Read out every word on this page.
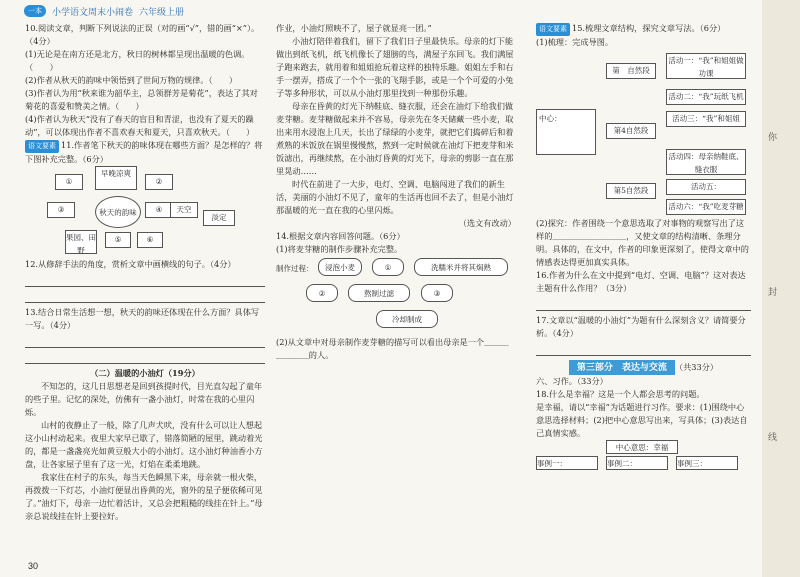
一本	小学语文周末小闹卷 六年级上册

10.阅读文章，判断下列说法的正误（对的画“√”，错的画“×”）。（4分）

(1)无论是在南方还是北方，秋日的树林都呈现出温暖的色调。（　　）

(2)作者从秋天的韵味中领悟到了世间万物的规律。（　　）

(3)作者认为用“秋来谁为韶华主，总领群芳是菊花”，表达了其对菊花的喜爱和赞美之情。（　　）

(4)作者认为秋天“没有了春天的盲目和青涩，也没有了夏天的躁动”，可以体现出作者不喜欢春天和夏天，只喜欢秋天。（　　）

语文要素 11.作者笔下秋天的韵味体现在哪些方面？是怎样的？将下图补充完整。（6分）

秋天的韵味
早晚凉爽
①	②
③	④	天空
果园、田野
⑤	⑥
淡定

12.从修辞手法的角度，赏析文章中画横线的句子。（4分）

13.结合日常生活想一想，秋天的韵味还体现在什么方面？具体写一写。（4分）

（二）温暖的小油灯（19分）

不知怎的，这几日思想老是回到孩提时代，目光直勾起了童年的些子里。记忆的深处，仿佛有一盏小油灯，时常在我的心里闪烁。

山村的夜静止了一般，除了几声犬吠，没有什么可以让人想起这小山村动起来。夜里大家早已歇了，错落简陋的屋里，跳动着光的，都是一盏盏亮光如黄豆般大小的小油灯。这小油灯种油香小方盘，让各家屋子里有了这一光，灯焰在柔柔地跳。

我家住在村子的东头，每当天色瞬黑下来，母亲就一根火柴，再拨拨一下灯芯，小油灯便显出昏黄的光，窗外的星子便依稀可见了。”油灯下，母亲一边忙着活计，又总会把粗糙的线挂在针上。”母亲总说线挂在针上要拉好。

作业，小油灯照映不了，屋子就显亮一团。”

小油灯陪伴着我们，留下了我们日子里最快乐。母亲的灯下能做出到纸飞机，纸飞机像长了翅膀的鸟，满屋子东回飞。我们满屋子跑来跑去，就用着和姐姐抢玩着这样的独特乐趣。姐姐左手和右手一摆弄，搭成了一个个一张的飞翔手影，或是一个个可爱的小兔子等多种形状，可以从小油灯那里找到一种那份乐趣。

母亲在昏黄的灯光下纳鞋底、缝衣服，还会在油灯下给我们做麦芽糖。麦芽糖做起来并不容易，母亲先在冬天储藏一些小麦，取出来用水浸泡上几天，长出了绿绿的小麦芽，就把它们捣碎后和着煮熟的米饭放在锅里慢慢熬，熬到一定时候就在油灯下把麦芽和米饭滤出，再继续熬，在小油灯昏黄的灯光下，母亲的剪影一直在那里晃动……

时代在前进了一大步，电灯、空调、电脑闯进了我们的新生活，美丽的小油灯不见了，童年的生活再也回不去了，但是小油灯那温暖的光一直在我的心里闪烁。

（选文有改动）

14.根据文章内容回答问题。（6分）

(1)将麦芽糖的制作步骤补充完整。

制作过程：	浸泡小麦	①	洗糯米并将其焖熟
②	熬制过滤	③
冷却制成

(2)从文章中对母亲制作麦芽糖的描写可以看出母亲是一个＿＿＿＿＿＿＿的人。

语文要素 15.梳理文章结构，探究文章写法。（6分）

(1)梳理：完成导图。

中心：
第　自然段
第4自然段
第5自然段
活动一：“我”和姐姐做功课
活动二：“我”玩纸飞机
活动三：“我”和姐姐
活动四：母亲纳鞋底、缝衣服
活动五：
活动六：“我”吃麦芽糖

(2)探究：作者围绕一个意思选取了对事物的观察写出了这样的＿＿＿＿＿＿＿＿＿，又使文章的结构清晰、条理分明。具体的，在文中，作者的印象更深刻了，使得文章中的情感表达得更加真实具体。

16.作者为什么在文中提到“电灯、空调、电脑”？这对表达主题有什么作用？（3分）

17.文章以“温暖的小油灯”为题有什么深刻含义？请简要分析。（4分）

第三部分　表达与交流 （共33分）

六、习作。（33分）

18.什么是幸福？这是一个人都会思考的问题。

是幸福，请以“幸福”为话题进行习作。要求：(1)围绕中心意思选择材料；(2)把中心意思写出来，写具体；(3)表达自己真情实感。

中心意思：幸福
事例一：	事例二：	事例三：
你
封
线
30
